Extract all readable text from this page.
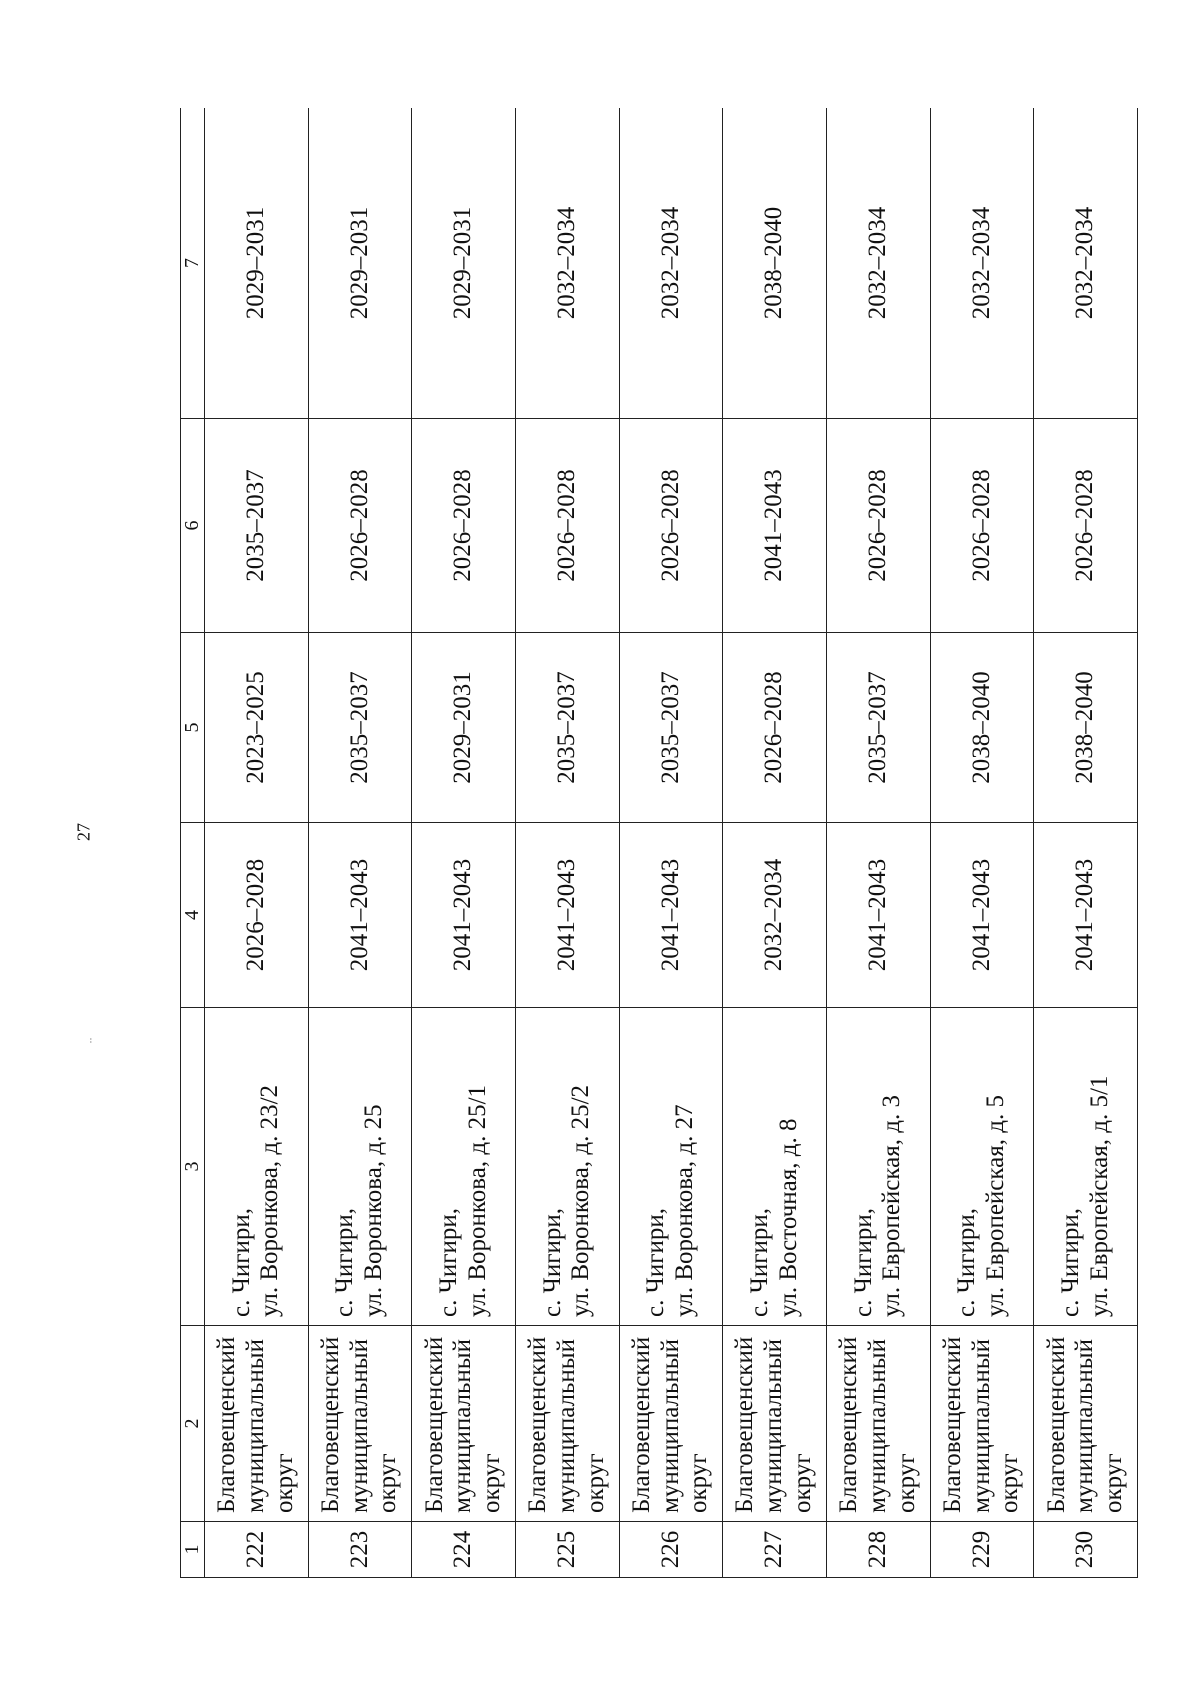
27
..
1	2	3	4	5	6	7
222	Благовещенский муниципальный округ	с. Чигири, ул. Воронкова, д. 23/2	2026–2028	2023–2025	2035–2037	2029–2031
223	Благовещенский муниципальный округ	с. Чигири, ул. Воронкова, д. 25	2041–2043	2035–2037	2026–2028	2029–2031
224	Благовещенский муниципальный округ	с. Чигири, ул. Воронкова, д. 25/1	2041–2043	2029–2031	2026–2028	2029–2031
225	Благовещенский муниципальный округ	с. Чигири, ул. Воронкова, д. 25/2	2041–2043	2035–2037	2026–2028	2032–2034
226	Благовещенский муниципальный округ	с. Чигири, ул. Воронкова, д. 27	2041–2043	2035–2037	2026–2028	2032–2034
227	Благовещенский муниципальный округ	с. Чигири, ул. Восточная, д. 8	2032–2034	2026–2028	2041–2043	2038–2040
228	Благовещенский муниципальный округ	с. Чигири, ул. Европейская, д. 3	2041–2043	2035–2037	2026–2028	2032–2034
229	Благовещенский муниципальный округ	с. Чигири, ул. Европейская, д. 5	2041–2043	2038–2040	2026–2028	2032–2034
230	Благовещенский муниципальный округ	с. Чигири, ул. Европейская, д. 5/1	2041–2043	2038–2040	2026–2028	2032–2034
